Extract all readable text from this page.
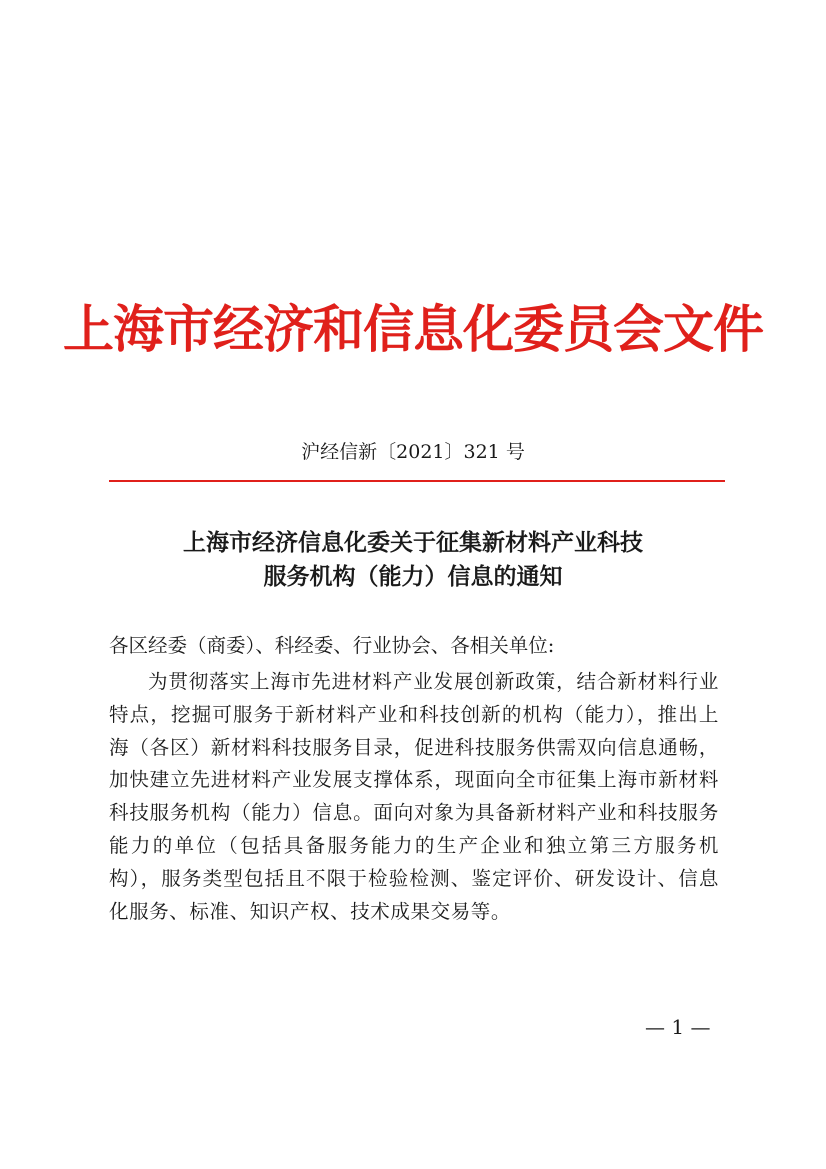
上海市经济和信息化委员会文件
沪经信新〔2021〕321 号
上海市经济信息化委关于征集新材料产业科技
服务机构（能力）信息的通知
各区经委（商委）、科经委、行业协会、各相关单位:
为贯彻落实上海市先进材料产业发展创新政策，结合新材料行业特点，挖掘可服务于新材料产业和科技创新的机构（能力），推出上海（各区）新材料科技服务目录，促进科技服务供需双向信息通畅，加快建立先进材料产业发展支撑体系，现面向全市征集上海市新材料科技服务机构（能力）信息。面向对象为具备新材料产业和科技服务能力的单位（包括具备服务能力的生产企业和独立第三方服务机构），服务类型包括且不限于检验检测、鉴定评价、研发设计、信息化服务、标准、知识产权、技术成果交易等。
— 1 —
